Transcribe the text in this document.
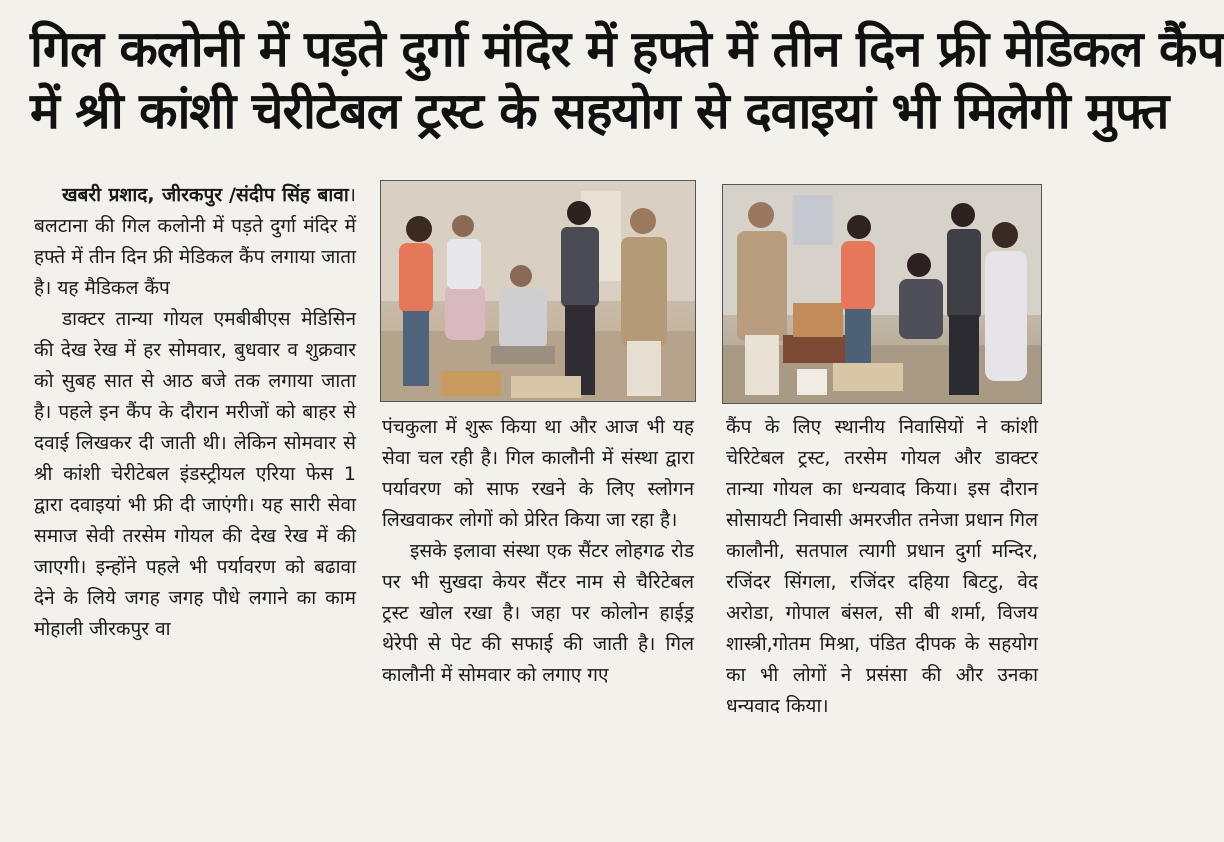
गिल कलोनी में पड़ते दुर्गा मंदिर में हफ्ते में तीन दिन फ्री मेडिकल कैंप
में श्री कांशी चेरीटेबल ट्रस्ट के सहयोग से दवाइयां भी मिलेगी मुफ्त

खबरी प्रशाद, जीरकपुर /संदीप सिंह बावा। बलटाना की गिल कलोनी में पड़ते दुर्गा मंदिर में हफ्ते में तीन दिन फ्री मेडिकल कैंप लगाया जाता है। यह मैडिकल कैंप

डाक्टर तान्या गोयल एमबीबीएस मेडिसिन की देख रेख में हर सोमवार, बुधवार व शुक्रवार को सुबह सात से आठ बजे तक लगाया जाता है। पहले इन कैंप के दौरान मरीजों को बाहर से दवाई लिखकर दी जाती थी। लेकिन सोमवार से श्री कांशी चेरीटेबल इंडस्ट्रीयल एरिया फेस 1 द्वारा दवाइयां भी फ्री दी जाएंगी। यह सारी सेवा समाज सेवी तरसेम गोयल की देख रेख में की जाएगी। इन्होंने पहले भी पर्यावरण को बढावा देने के लिये जगह जगह पौधे लगाने का काम मोहाली जीरकपुर वा

पंचकुला में शुरू किया था और आज भी यह सेवा चल रही है। गिल कालौनी में संस्था द्वारा पर्यावरण को साफ रखने के लिए स्लोगन लिखवाकर लोगों को प्रेरित किया जा रहा है।

इसके इलावा संस्था एक सैंटर लोहगढ रोड पर भी सुखदा केयर सैंटर नाम से चैरिटेबल ट्रस्ट खोल रखा है। जहा पर कोलोन हाईड्र थेरेपी से पेट की सफाई की जाती है। गिल कालौनी में सोमवार को लगाए गए

कैंप के लिए स्थानीय निवासियों ने कांशी चेरिटेबल ट्रस्ट, तरसेम गोयल और डाक्टर तान्या गोयल का धन्यवाद किया। इस दौरान सोसायटी निवासी अमरजीत तनेजा प्रधान गिल कालौनी, सतपाल त्यागी प्रधान दुर्गा मन्दिर, रजिंदर सिंगला, रजिंदर दहिया बिटटु, वेद अरोडा, गोपाल बंसल, सी बी शर्मा, विजय शास्त्री,गोतम मिश्रा, पंडित दीपक के सहयोग का भी लोगों ने प्रसंसा की और उनका धन्यवाद किया।
